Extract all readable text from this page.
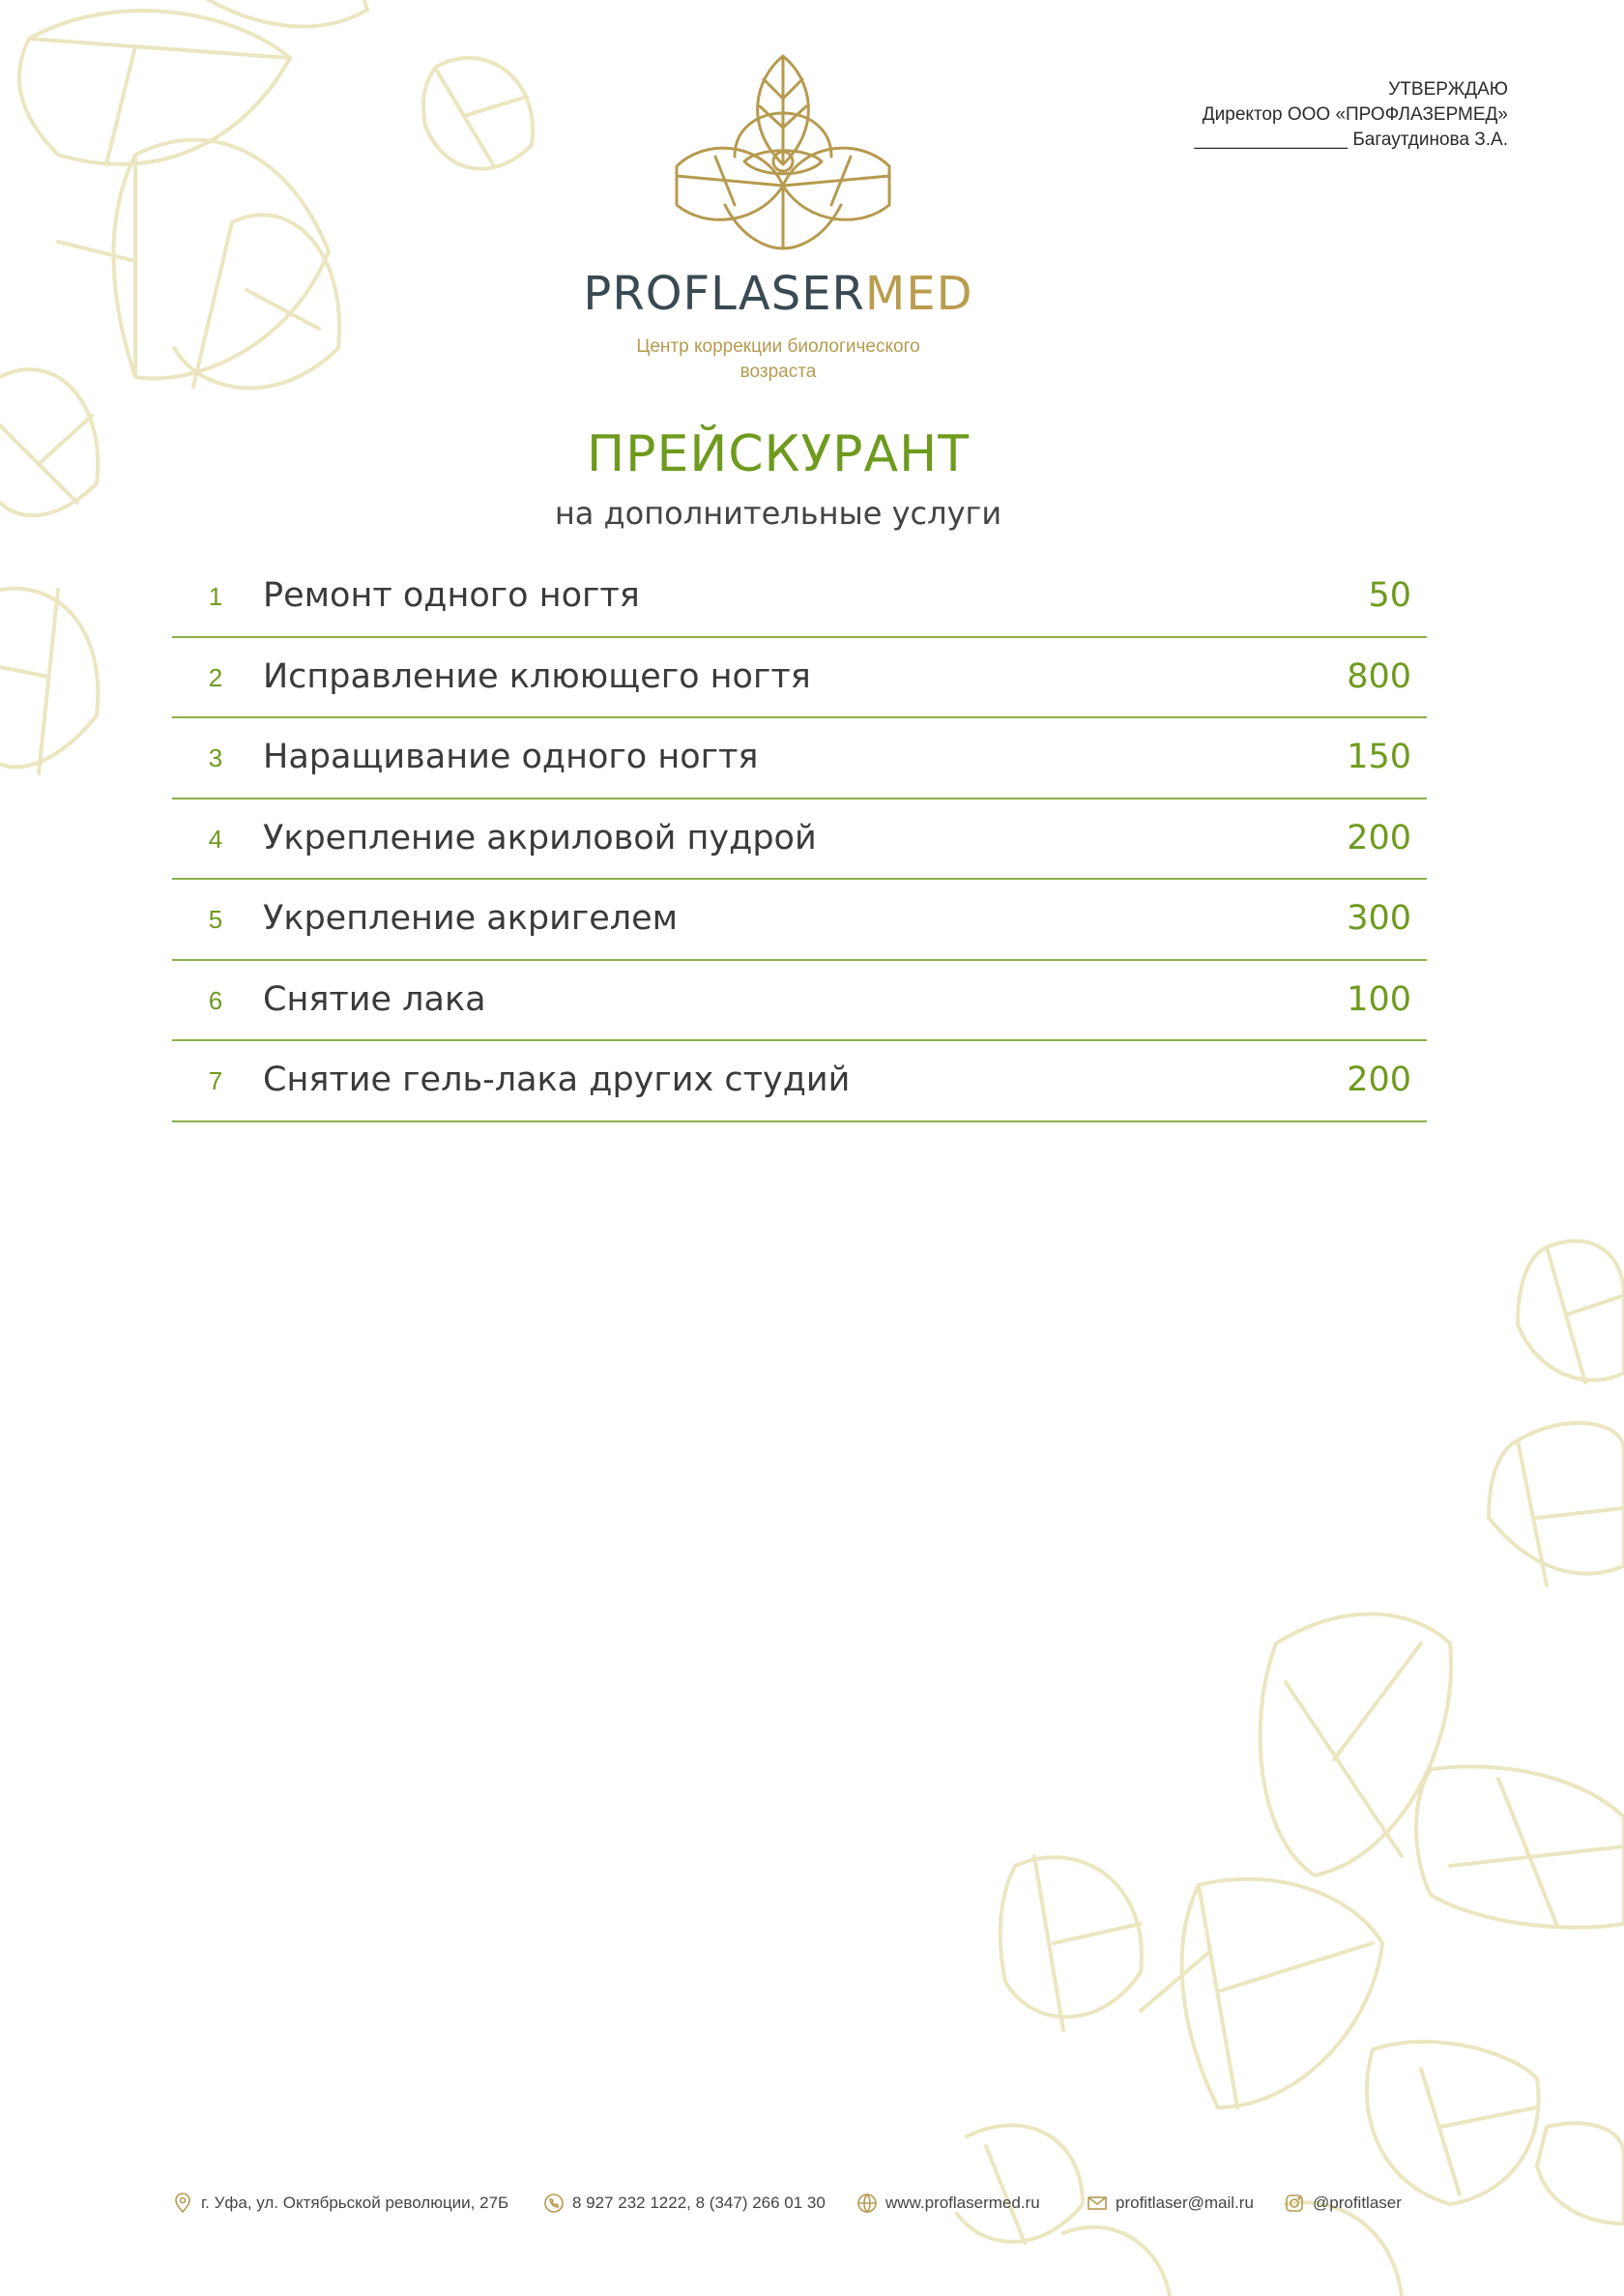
УТВЕРЖДАЮ
Директор ООО «ПРОФЛАЗЕРМЕД»
_______________ Багаутдинова З.А.
PROFLASERMED
Центр коррекции биологического
возраста
ПРЕЙСКУРАНТ
на дополнительные услуги
1	Ремонт одного ногтя	50
2	Исправление клюющего ногтя	800
3	Наращивание одного ногтя	150
4	Укрепление акриловой пудрой	200
5	Укрепление акригелем	300
6	Снятие лака	100
7	Снятие гель-лака других студий	200
г. Уфа, ул. Октябрьской революции, 27Б	8 927 232 1222, 8 (347) 266 01 30	www.proflasermed.ru	profitlaser@mail.ru	@profitlaser
